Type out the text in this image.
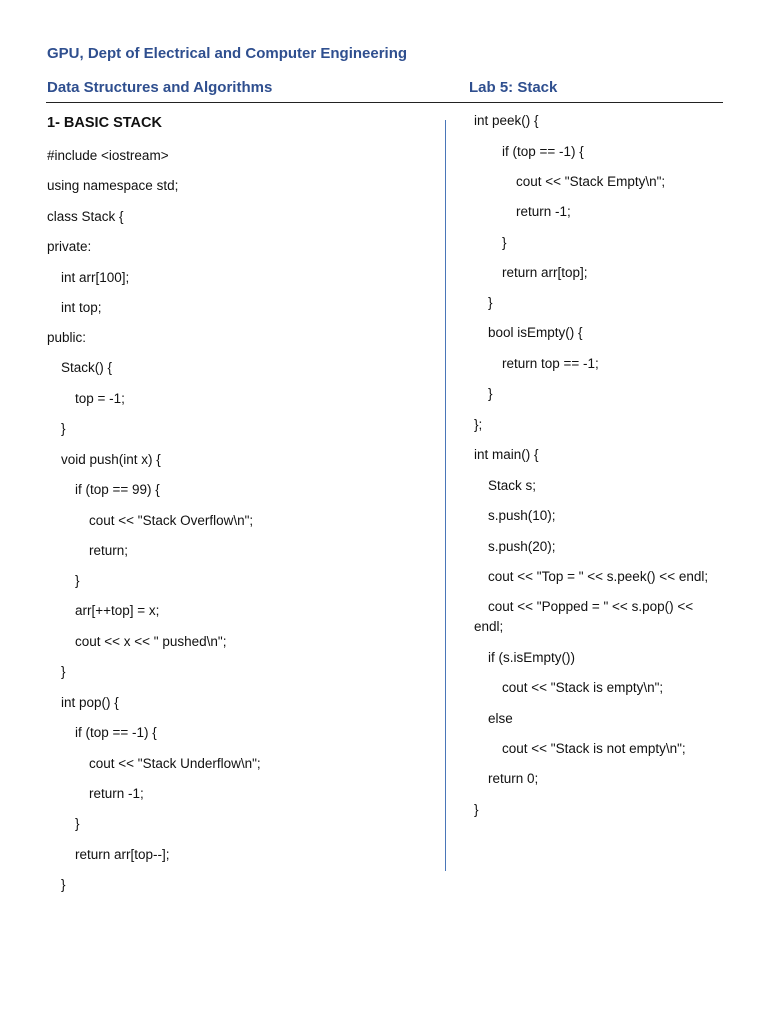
GPU, Dept of Electrical and Computer Engineering
Data Structures and Algorithms	Lab 5: Stack
1- BASIC STACK
#include <iostream>
using namespace std;
class Stack {
private:
int arr[100];
int top;
public:
Stack() {
top = -1;
}
void push(int x) {
if (top == 99) {
cout << "Stack Overflow\n";
return;
}
arr[++top] = x;
cout << x << " pushed\n";
}
int pop() {
if (top == -1) {
cout << "Stack Underflow\n";
return -1;
}
return arr[top--];
}
int peek() {
if (top == -1) {
cout << "Stack Empty\n";
return -1;
}
return arr[top];
}
bool isEmpty() {
return top == -1;
}
};
int main() {
Stack s;
s.push(10);
s.push(20);
cout << "Top = " << s.peek() << endl;
cout << "Popped = " << s.pop() <<
endl;
if (s.isEmpty())
cout << "Stack is empty\n";
else
cout << "Stack is not empty\n";
return 0;
}
